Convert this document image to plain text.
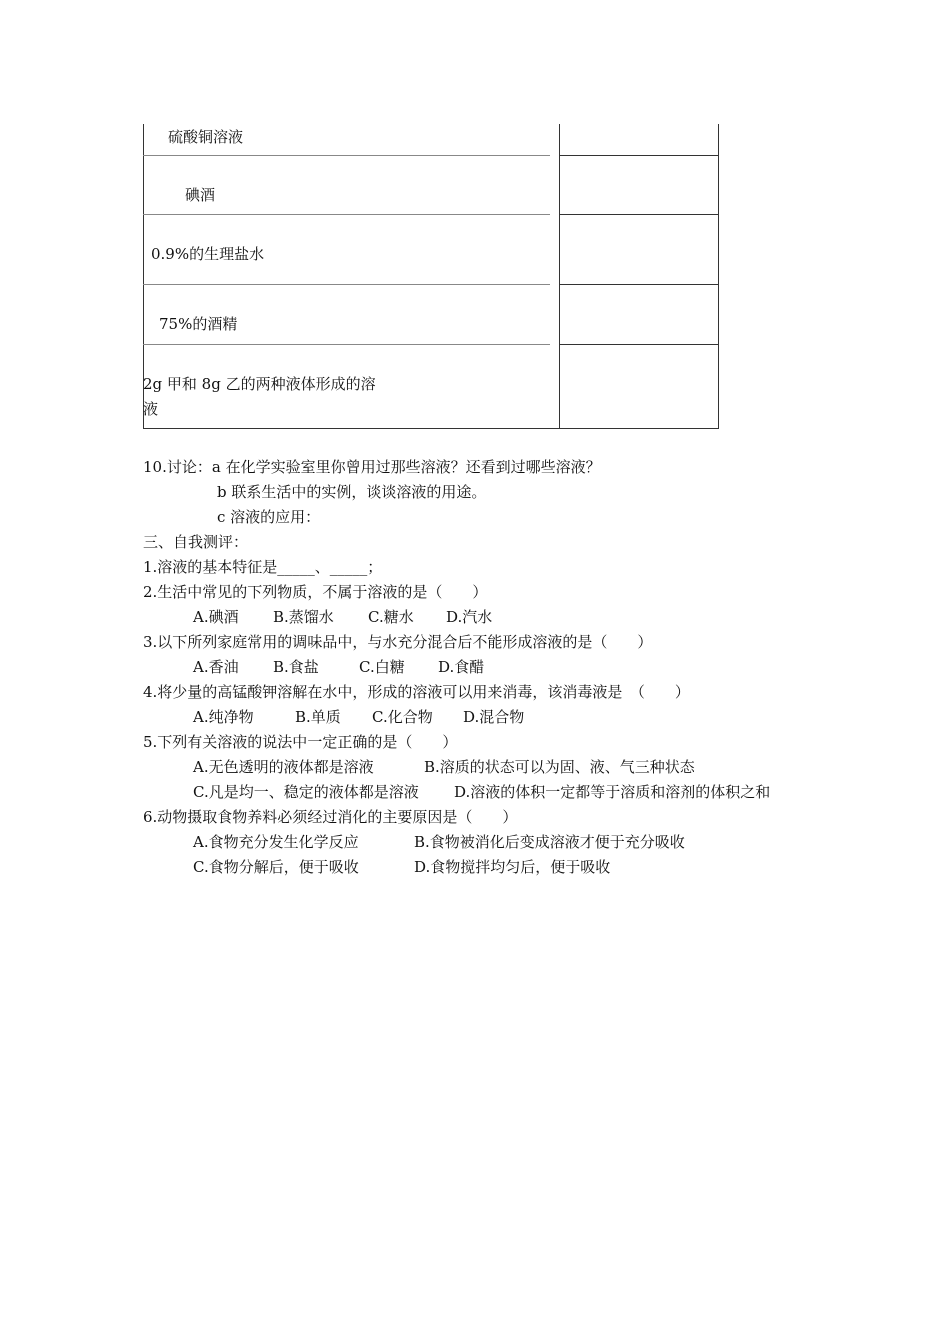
硫酸铜溶液
碘酒
0.9%的生理盐水
75%的酒精
2g 甲和 8g 乙的两种液体形成的溶
液
10.讨论：a 在化学实验室里你曾用过那些溶液？还看到过哪些溶液？
b 联系生活中的实例，谈谈溶液的用途。
c 溶液的应用：
三、自我测评：
1.溶液的基本特征是_____、_____；
2.生活中常见的下列物质，不属于溶液的是（　　）
A.碘酒 B.蒸馏水 C.糖水 D.汽水
3.以下所列家庭常用的调味品中，与水充分混合后不能形成溶液的是（　　）
A.香油 B.食盐	C.白糖 D.食醋
4.将少量的高锰酸钾溶解在水中，形成的溶液可以用来消毒，该消毒液是　（　　）
A.纯净物	B.单质 C.化合物 D.混合物
5.下列有关溶液的说法中一定正确的是（　　）
A.无色透明的液体都是溶液	B.溶质的状态可以为固、液、气三种状态
C.凡是均一、稳定的液体都是溶液 D.溶液的体积一定都等于溶质和溶剂的体积之和
6.动物摄取食物养料必须经过消化的主要原因是（　　）
A.食物充分发生化学反应	B.食物被消化后变成溶液才便于充分吸收
C.食物分解后，便于吸收	D.食物搅拌均匀后，便于吸收
